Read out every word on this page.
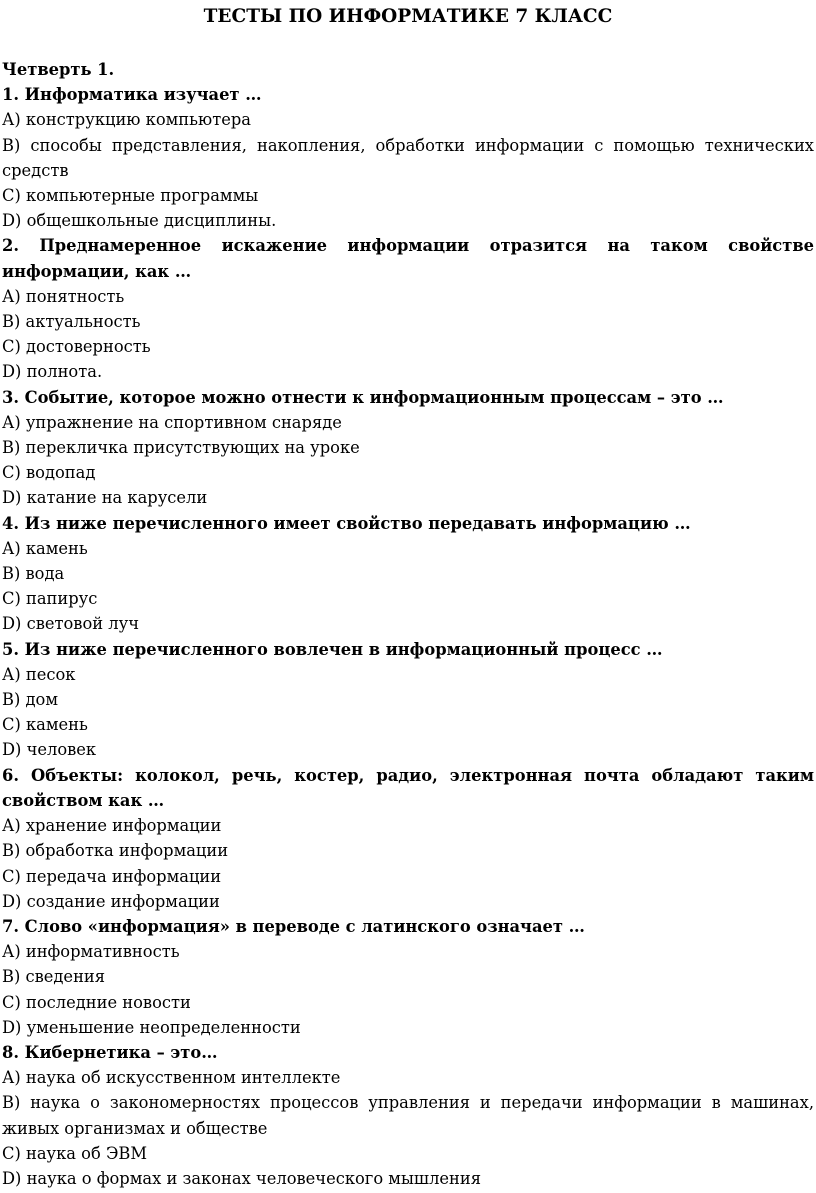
ТЕСТЫ ПО ИНФОРМАТИКЕ 7 КЛАСС

Четверть 1.

1. Информатика изучает …

А) конструкцию компьютера

В) способы представления, накопления, обработки информации с помощью технических средств

С) компьютерные программы

D) общешкольные дисциплины.

2. Преднамеренное искажение информации отразится на таком свойстве информации, как …

А) понятность

В) актуальность

С) достоверность

D) полнота.

3. Событие, которое можно отнести к информационным процессам – это …

А) упражнение на спортивном снаряде

В) перекличка присутствующих на уроке

С) водопад

D) катание на карусели

4. Из ниже перечисленного имеет свойство передавать информацию …

А) камень

В) вода

С) папирус

D) световой луч

5. Из ниже перечисленного вовлечен в информационный процесс …

А) песок

В) дом

С) камень

D) человек

6. Объекты: колокол, речь, костер, радио, электронная почта обладают таким свойством как …

А) хранение информации

В) обработка информации

С) передача информации

D) создание информации

7. Слово «информация» в переводе с латинского означает …

А) информативность

В) сведения

С) последние новости

D) уменьшение неопределенности

8. Кибернетика – это…

А) наука об искусственном интеллекте

В) наука о закономерностях процессов управления и передачи информации в машинах, живых организмах и обществе

С) наука об ЭВМ

D) наука о формах и законах человеческого мышления
